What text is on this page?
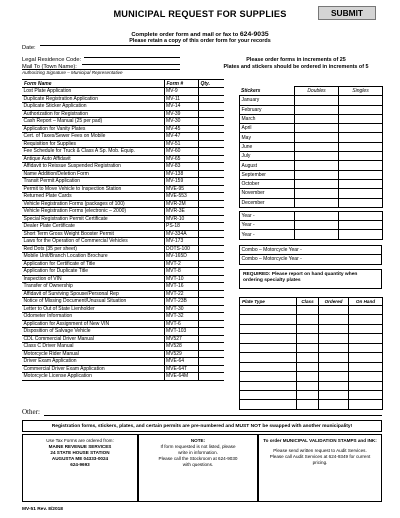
MUNICIPAL REQUEST FOR SUPPLIES	SUBMIT
Complete order form and mail or fax to 624-9035
Please retain a copy of this order form for your records
Date:
Legal Residence Code:
Mail To (Town Name):
Authorizing Signature – Municipal Representative
Please order forms in increments of 25
Plates and stickers should be ordered in increments of 5
Form Name	Form #	Qty.
Lost Plate Application	MV-9	
Duplicate Registration Application	MV-11	
Duplicate Sticker Application	MV-14	
Authorization for Registration	MV-39	
Cash Report – Manual (25 per pad)	MV-30	
Application for Vanity Plates	MV-45	
Cert. of Taxes/Sewer Fees on Mobile	MV-47	
Requisition for Supplies	MV-51	
Fee Schedule for Truck & Class A Sp. Mob. Equip.	MV-60	
Antique Auto Affidavit	MV-65	
Affidavit to Reissue Suspended Registration	MV-83	
Name Addition/Deletion Form	MV-138	
Transit Permit Application	MV-159	
Permit to Move Vehicle to Inspection Station	MVE-95	
Returned Plate Cards	MVE-553	
Vehicle Registration Forms (packages of 100)	MVR-2M	
Vehicle Registration Forms (electronic – 2000)	MVR-3E	
Special Registration Permit Certificate	MVR-10	
Dealer Plate Certificate	PS-18	
Short Term Gross Weight Booster Permit	MV-334A	
Laws for the Operation of Commercial Vehicles	MV-173	
Red Dots (35 per sheet)	DOTS-100	
Mobile Unit/Branch Location Brochure	MV-165D	
Application for Certificate of Title	MVT-2	
Application for Duplicate Title	MVT-8	
Inspection of VIN	MVT-10	
Transfer of Ownership	MVT-16	
Affidavit of Surviving Spouse/Personal Rep	MVT-22	
Notice of Missing Document/Unusual Situation	MVT-23B	
Letter to Out of State Lienholder	MVT-30	
Odometer Information	MVT-32	
Application for Assignment of New VIN	MVT-6	
Disposition of Salvage Vehicle	MVT-103	
CDL Commercial Driver Manual	MV527	
Class C Driver Manual	MV528	
Motorcycle Rider Manual	MV529	
Driver Exam Application	MVE-64	
Commercial Driver Exam Application	MVE-64T	
Motorcycle License Application	MVE-64M	
Stickers	Doubles	Singles
January		
February		
March		
April		
May		
June		
July		
August		
September		
October		
November		
December		

Year -		
Year -		
Year -		
Combo – Motorcycle Year -
Combo – Motorcycle Year -
REQUIRED: Please report on hand quantity when ordering specialty plates
Plate Type	Class	Ordered	On Hand

Other:
Registration forms, stickers, plates, and certain permits are pre-numbered and MUST NOT be swapped with another municipality!
Use Tax Forms are ordered from:
MAINE REVENUE SERVICES
24 STATE HOUSE STATION
AUGUSTA ME 04333-0024
624-9693
NOTE:
If form requested is not listed, please
write in information.
Please call the Stockroom at 624-9030
with questions.
To order MUNICIPAL VALIDATION STAMPS and INK:
Please send written request to Audit Services.
Please call Audit Services at 624-9349 for current
pricing.
MV-51 Rev. 8/2018
